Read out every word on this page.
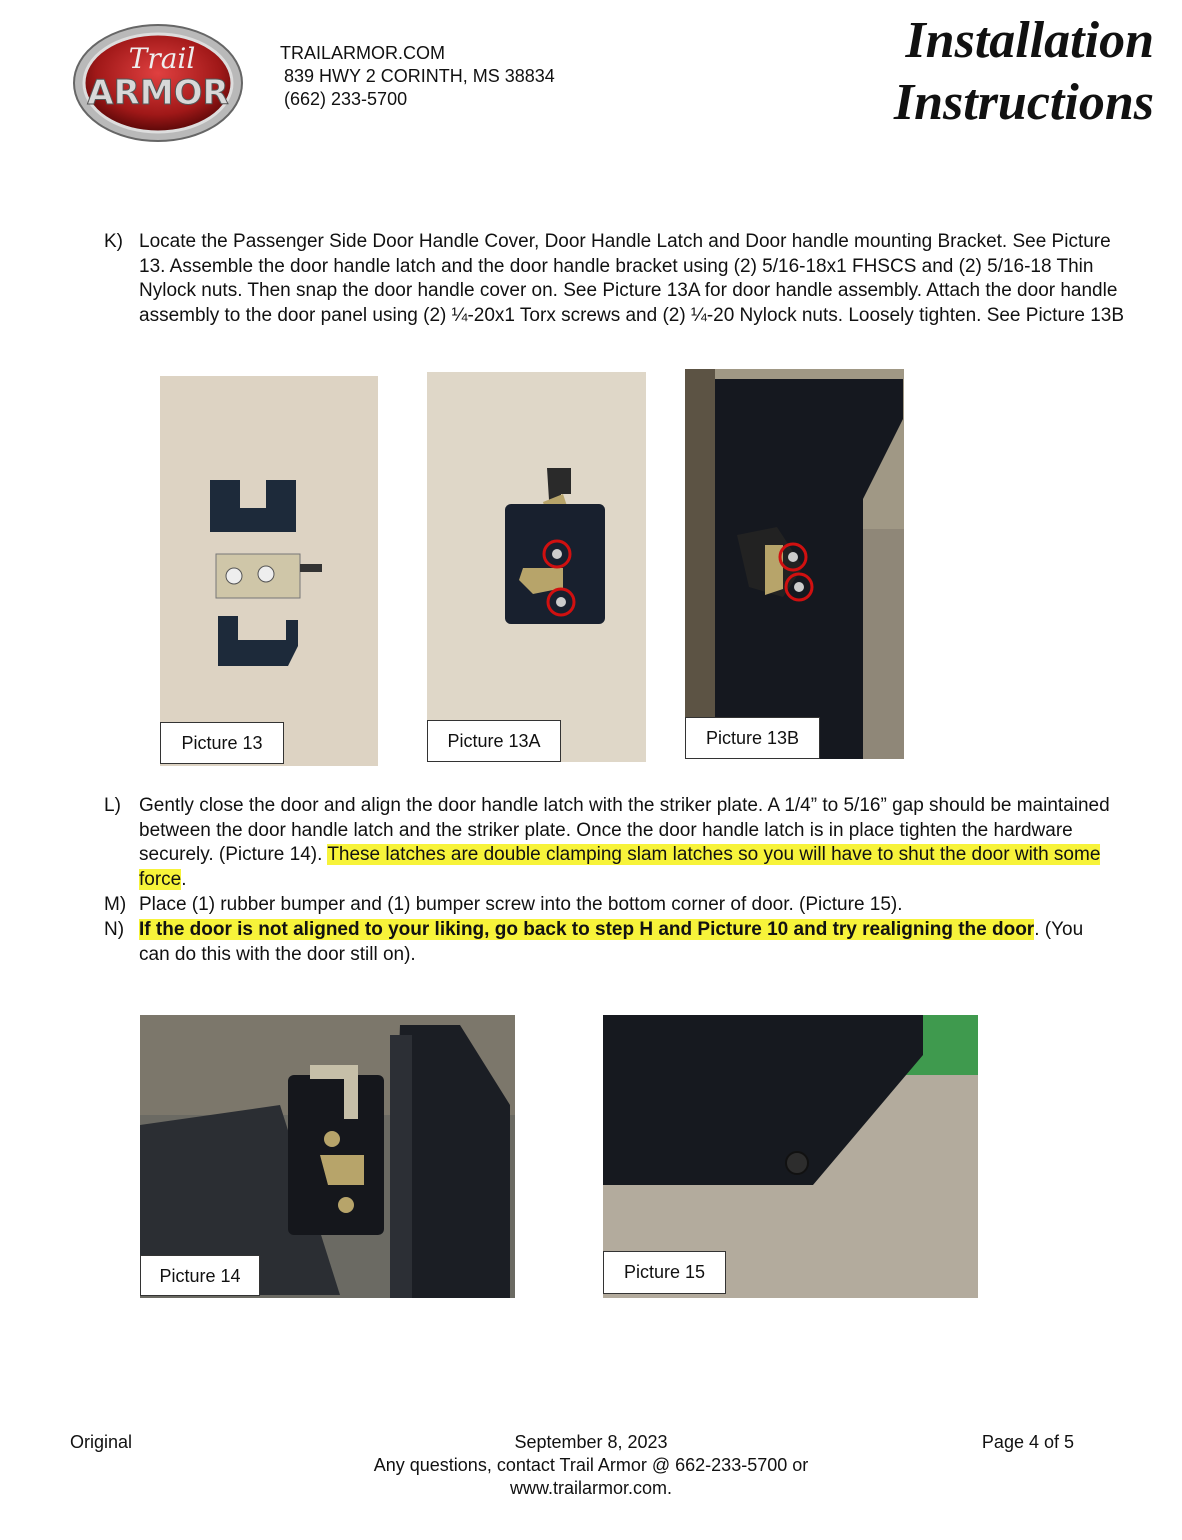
Trail
ARMOR
TRAILARMOR.COM
839 HWY 2 CORINTH, MS 38834
(662) 233-5700
Installation
Instructions
K) Locate the Passenger Side Door Handle Cover, Door Handle Latch and Door handle mounting Bracket. See Picture 13. Assemble the door handle latch and the door handle bracket using (2) 5/16-18x1 FHSCS and (2) 5/16-18 Thin Nylock nuts. Then snap the door handle cover on. See Picture 13A for door handle assembly. Attach the door handle assembly to the door panel using (2) ¼-20x1 Torx screws and (2) ¼-20 Nylock nuts. Loosely tighten. See Picture 13B
Picture 13	Picture 13A	Picture 13B
L) Gently close the door and align the door handle latch with the striker plate. A 1/4” to 5/16” gap should be maintained between the door handle latch and the striker plate. Once the door handle latch is in place tighten the hardware securely. (Picture 14). These latches are double clamping slam latches so you will have to shut the door with some force.
M) Place (1) rubber bumper and (1) bumper screw into the bottom corner of door. (Picture 15).
N) If the door is not aligned to your liking, go back to step H and Picture 10 and try realigning the door. (You can do this with the door still on).
Picture 14	Picture 15
Original	September 8, 2023
Any questions, contact Trail Armor @ 662-233-5700 or
www.trailarmor.com.
Page 4 of 5
